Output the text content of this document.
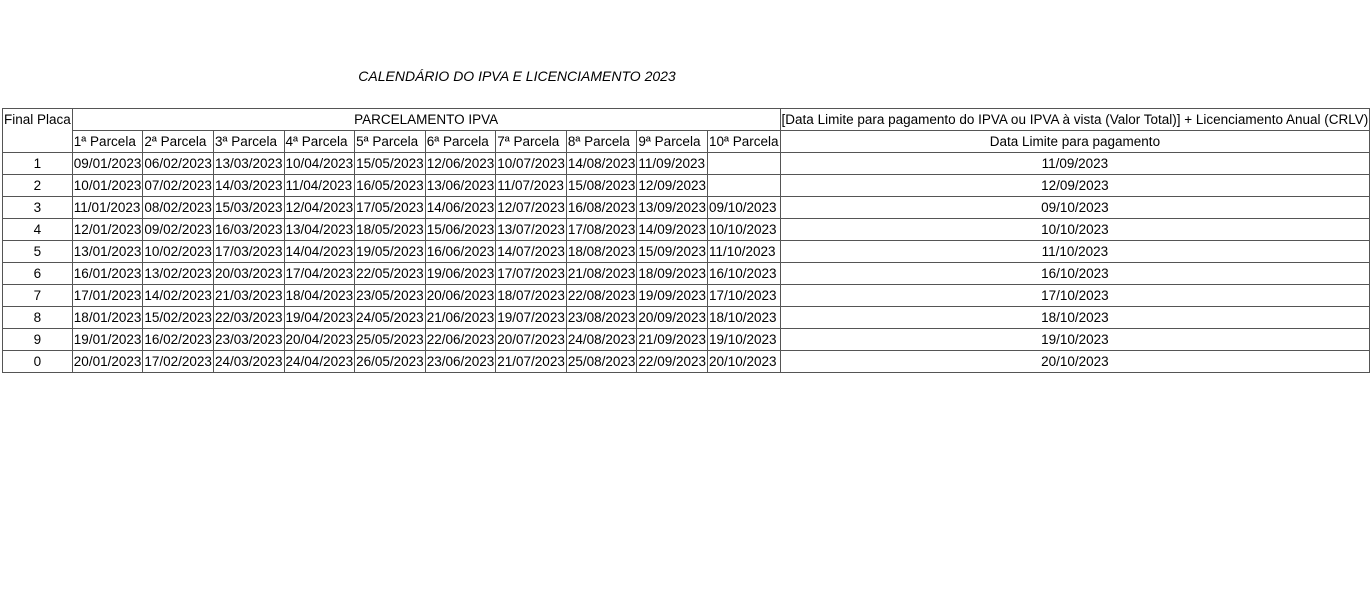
CALENDÁRIO DO IPVA E LICENCIAMENTO 2023
Final Placa	PARCELAMENTO IPVA										[Data Limite para pagamento do IPVA ou IPVA à vista (Valor Total)] + Licenciamento Anual (CRLV)
	1ª Parcela	2ª Parcela	3ª Parcela	4ª Parcela	5ª Parcela	6ª Parcela	7ª Parcela	8ª Parcela	9ª Parcela	10ª Parcela	Data Limite para pagamento
1	09/01/2023	06/02/2023	13/03/2023	10/04/2023	15/05/2023	12/06/2023	10/07/2023	14/08/2023	11/09/2023		11/09/2023
2	10/01/2023	07/02/2023	14/03/2023	11/04/2023	16/05/2023	13/06/2023	11/07/2023	15/08/2023	12/09/2023		12/09/2023
3	11/01/2023	08/02/2023	15/03/2023	12/04/2023	17/05/2023	14/06/2023	12/07/2023	16/08/2023	13/09/2023	09/10/2023	09/10/2023
4	12/01/2023	09/02/2023	16/03/2023	13/04/2023	18/05/2023	15/06/2023	13/07/2023	17/08/2023	14/09/2023	10/10/2023	10/10/2023
5	13/01/2023	10/02/2023	17/03/2023	14/04/2023	19/05/2023	16/06/2023	14/07/2023	18/08/2023	15/09/2023	11/10/2023	11/10/2023
6	16/01/2023	13/02/2023	20/03/2023	17/04/2023	22/05/2023	19/06/2023	17/07/2023	21/08/2023	18/09/2023	16/10/2023	16/10/2023
7	17/01/2023	14/02/2023	21/03/2023	18/04/2023	23/05/2023	20/06/2023	18/07/2023	22/08/2023	19/09/2023	17/10/2023	17/10/2023
8	18/01/2023	15/02/2023	22/03/2023	19/04/2023	24/05/2023	21/06/2023	19/07/2023	23/08/2023	20/09/2023	18/10/2023	18/10/2023
9	19/01/2023	16/02/2023	23/03/2023	20/04/2023	25/05/2023	22/06/2023	20/07/2023	24/08/2023	21/09/2023	19/10/2023	19/10/2023
0	20/01/2023	17/02/2023	24/03/2023	24/04/2023	26/05/2023	23/06/2023	21/07/2023	25/08/2023	22/09/2023	20/10/2023	20/10/2023
